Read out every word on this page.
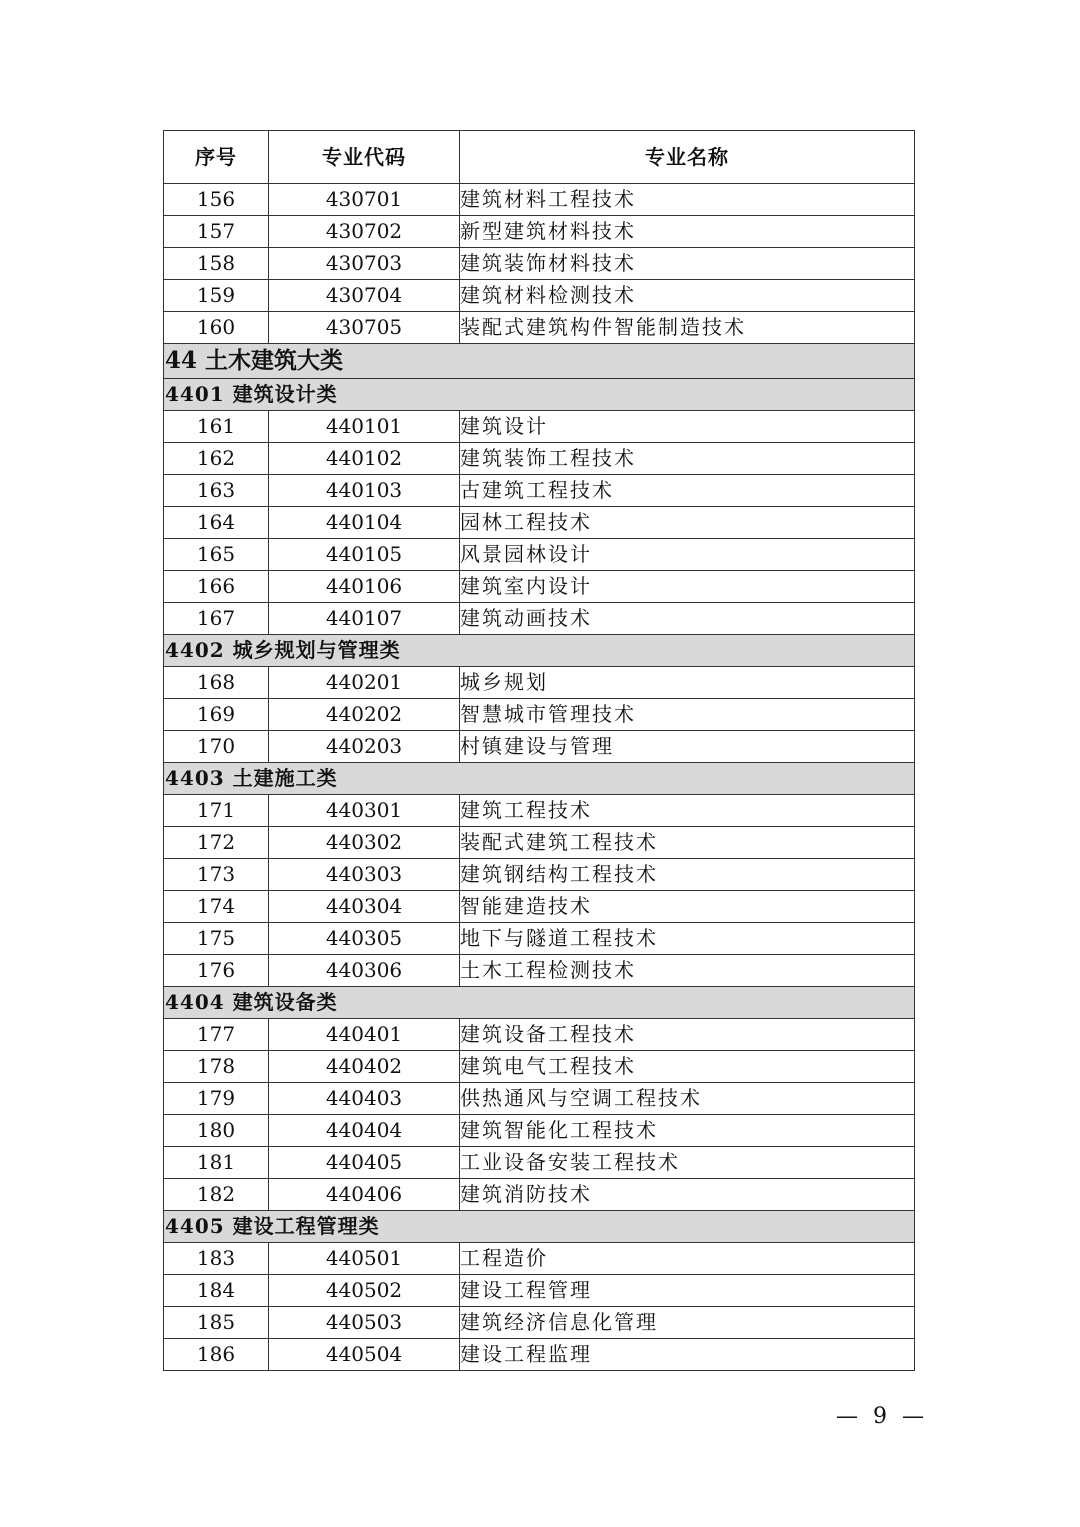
序号	专业代码	专业名称
156	430701	建筑材料工程技术
157	430702	新型建筑材料技术
158	430703	建筑装饰材料技术
159	430704	建筑材料检测技术
160	430705	装配式建筑构件智能制造技术
44 土木建筑大类		
4401 建筑设计类		
161	440101	建筑设计
162	440102	建筑装饰工程技术
163	440103	古建筑工程技术
164	440104	园林工程技术
165	440105	风景园林设计
166	440106	建筑室内设计
167	440107	建筑动画技术
4402 城乡规划与管理类		
168	440201	城乡规划
169	440202	智慧城市管理技术
170	440203	村镇建设与管理
4403 土建施工类		
171	440301	建筑工程技术
172	440302	装配式建筑工程技术
173	440303	建筑钢结构工程技术
174	440304	智能建造技术
175	440305	地下与隧道工程技术
176	440306	土木工程检测技术
4404 建筑设备类		
177	440401	建筑设备工程技术
178	440402	建筑电气工程技术
179	440403	供热通风与空调工程技术
180	440404	建筑智能化工程技术
181	440405	工业设备安装工程技术
182	440406	建筑消防技术
4405 建设工程管理类		
183	440501	工程造价
184	440502	建设工程管理
185	440503	建筑经济信息化管理
186	440504	建设工程监理
— 9 —
